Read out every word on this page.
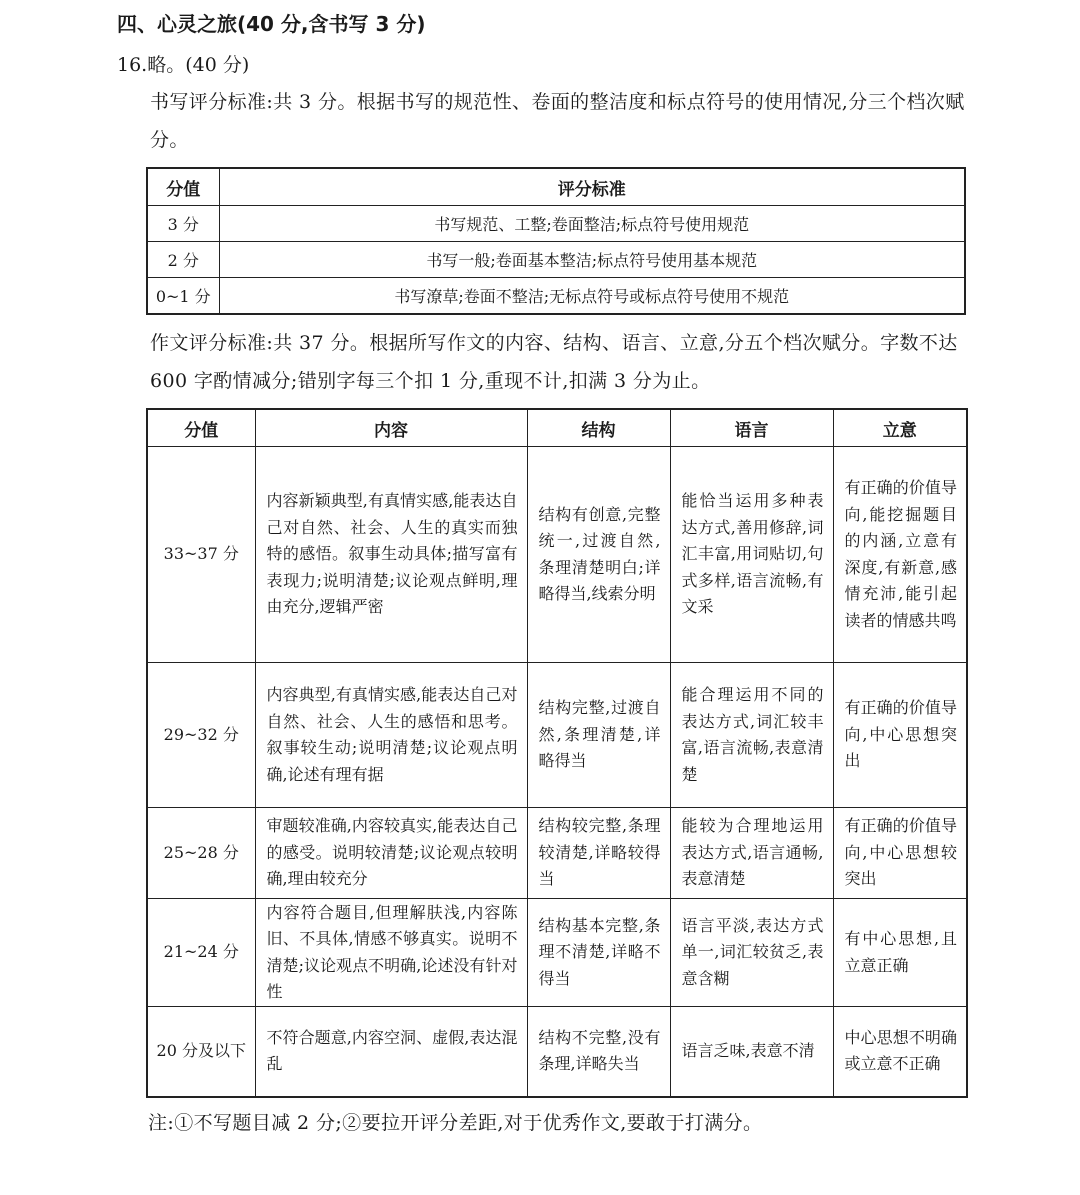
四、心灵之旅(40 分,含书写 3 分)
16.略。(40 分)
书写评分标准:共 3 分。根据书写的规范性、卷面的整洁度和标点符号的使用情况,分三个档次赋分。
分值	评分标准
3 分	书写规范、工整;卷面整洁;标点符号使用规范
2 分	书写一般;卷面基本整洁;标点符号使用基本规范
0~1 分	书写潦草;卷面不整洁;无标点符号或标点符号使用不规范
作文评分标准:共 37 分。根据所写作文的内容、结构、语言、立意,分五个档次赋分。字数不达 600 字酌情减分;错别字每三个扣 1 分,重现不计,扣满 3 分为止。
分值	内容	结构	语言	立意
33~37 分	内容新颖典型,有真情实感,能表达自己对自然、社会、人生的真实而独特的感悟。叙事生动具体;描写富有表现力;说明清楚;议论观点鲜明,理由充分,逻辑严密	结构有创意,完整统一,过渡自然,条理清楚明白;详略得当,线索分明	能恰当运用多种表达方式,善用修辞,词汇丰富,用词贴切,句式多样,语言流畅,有文采	有正确的价值导向,能挖掘题目的内涵,立意有深度,有新意,感情充沛,能引起读者的情感共鸣
29~32 分	内容典型,有真情实感,能表达自己对自然、社会、人生的感悟和思考。叙事较生动;说明清楚;议论观点明确,论述有理有据	结构完整,过渡自然,条理清楚,详略得当	能合理运用不同的表达方式,词汇较丰富,语言流畅,表意清楚	有正确的价值导向,中心思想突出
25~28 分	审题较准确,内容较真实,能表达自己的感受。说明较清楚;议论观点较明确,理由较充分	结构较完整,条理较清楚,详略较得当	能较为合理地运用表达方式,语言通畅,表意清楚	有正确的价值导向,中心思想较突出
21~24 分	内容符合题目,但理解肤浅,内容陈旧、不具体,情感不够真实。说明不清楚;议论观点不明确,论述没有针对性	结构基本完整,条理不清楚,详略不得当	语言平淡,表达方式单一,词汇较贫乏,表意含糊	有中心思想,且立意正确
20 分及以下	不符合题意,内容空洞、虚假,表达混乱	结构不完整,没有条理,详略失当	语言乏味,表意不清	中心思想不明确或立意不正确
注:①不写题目减 2 分;②要拉开评分差距,对于优秀作文,要敢于打满分。
